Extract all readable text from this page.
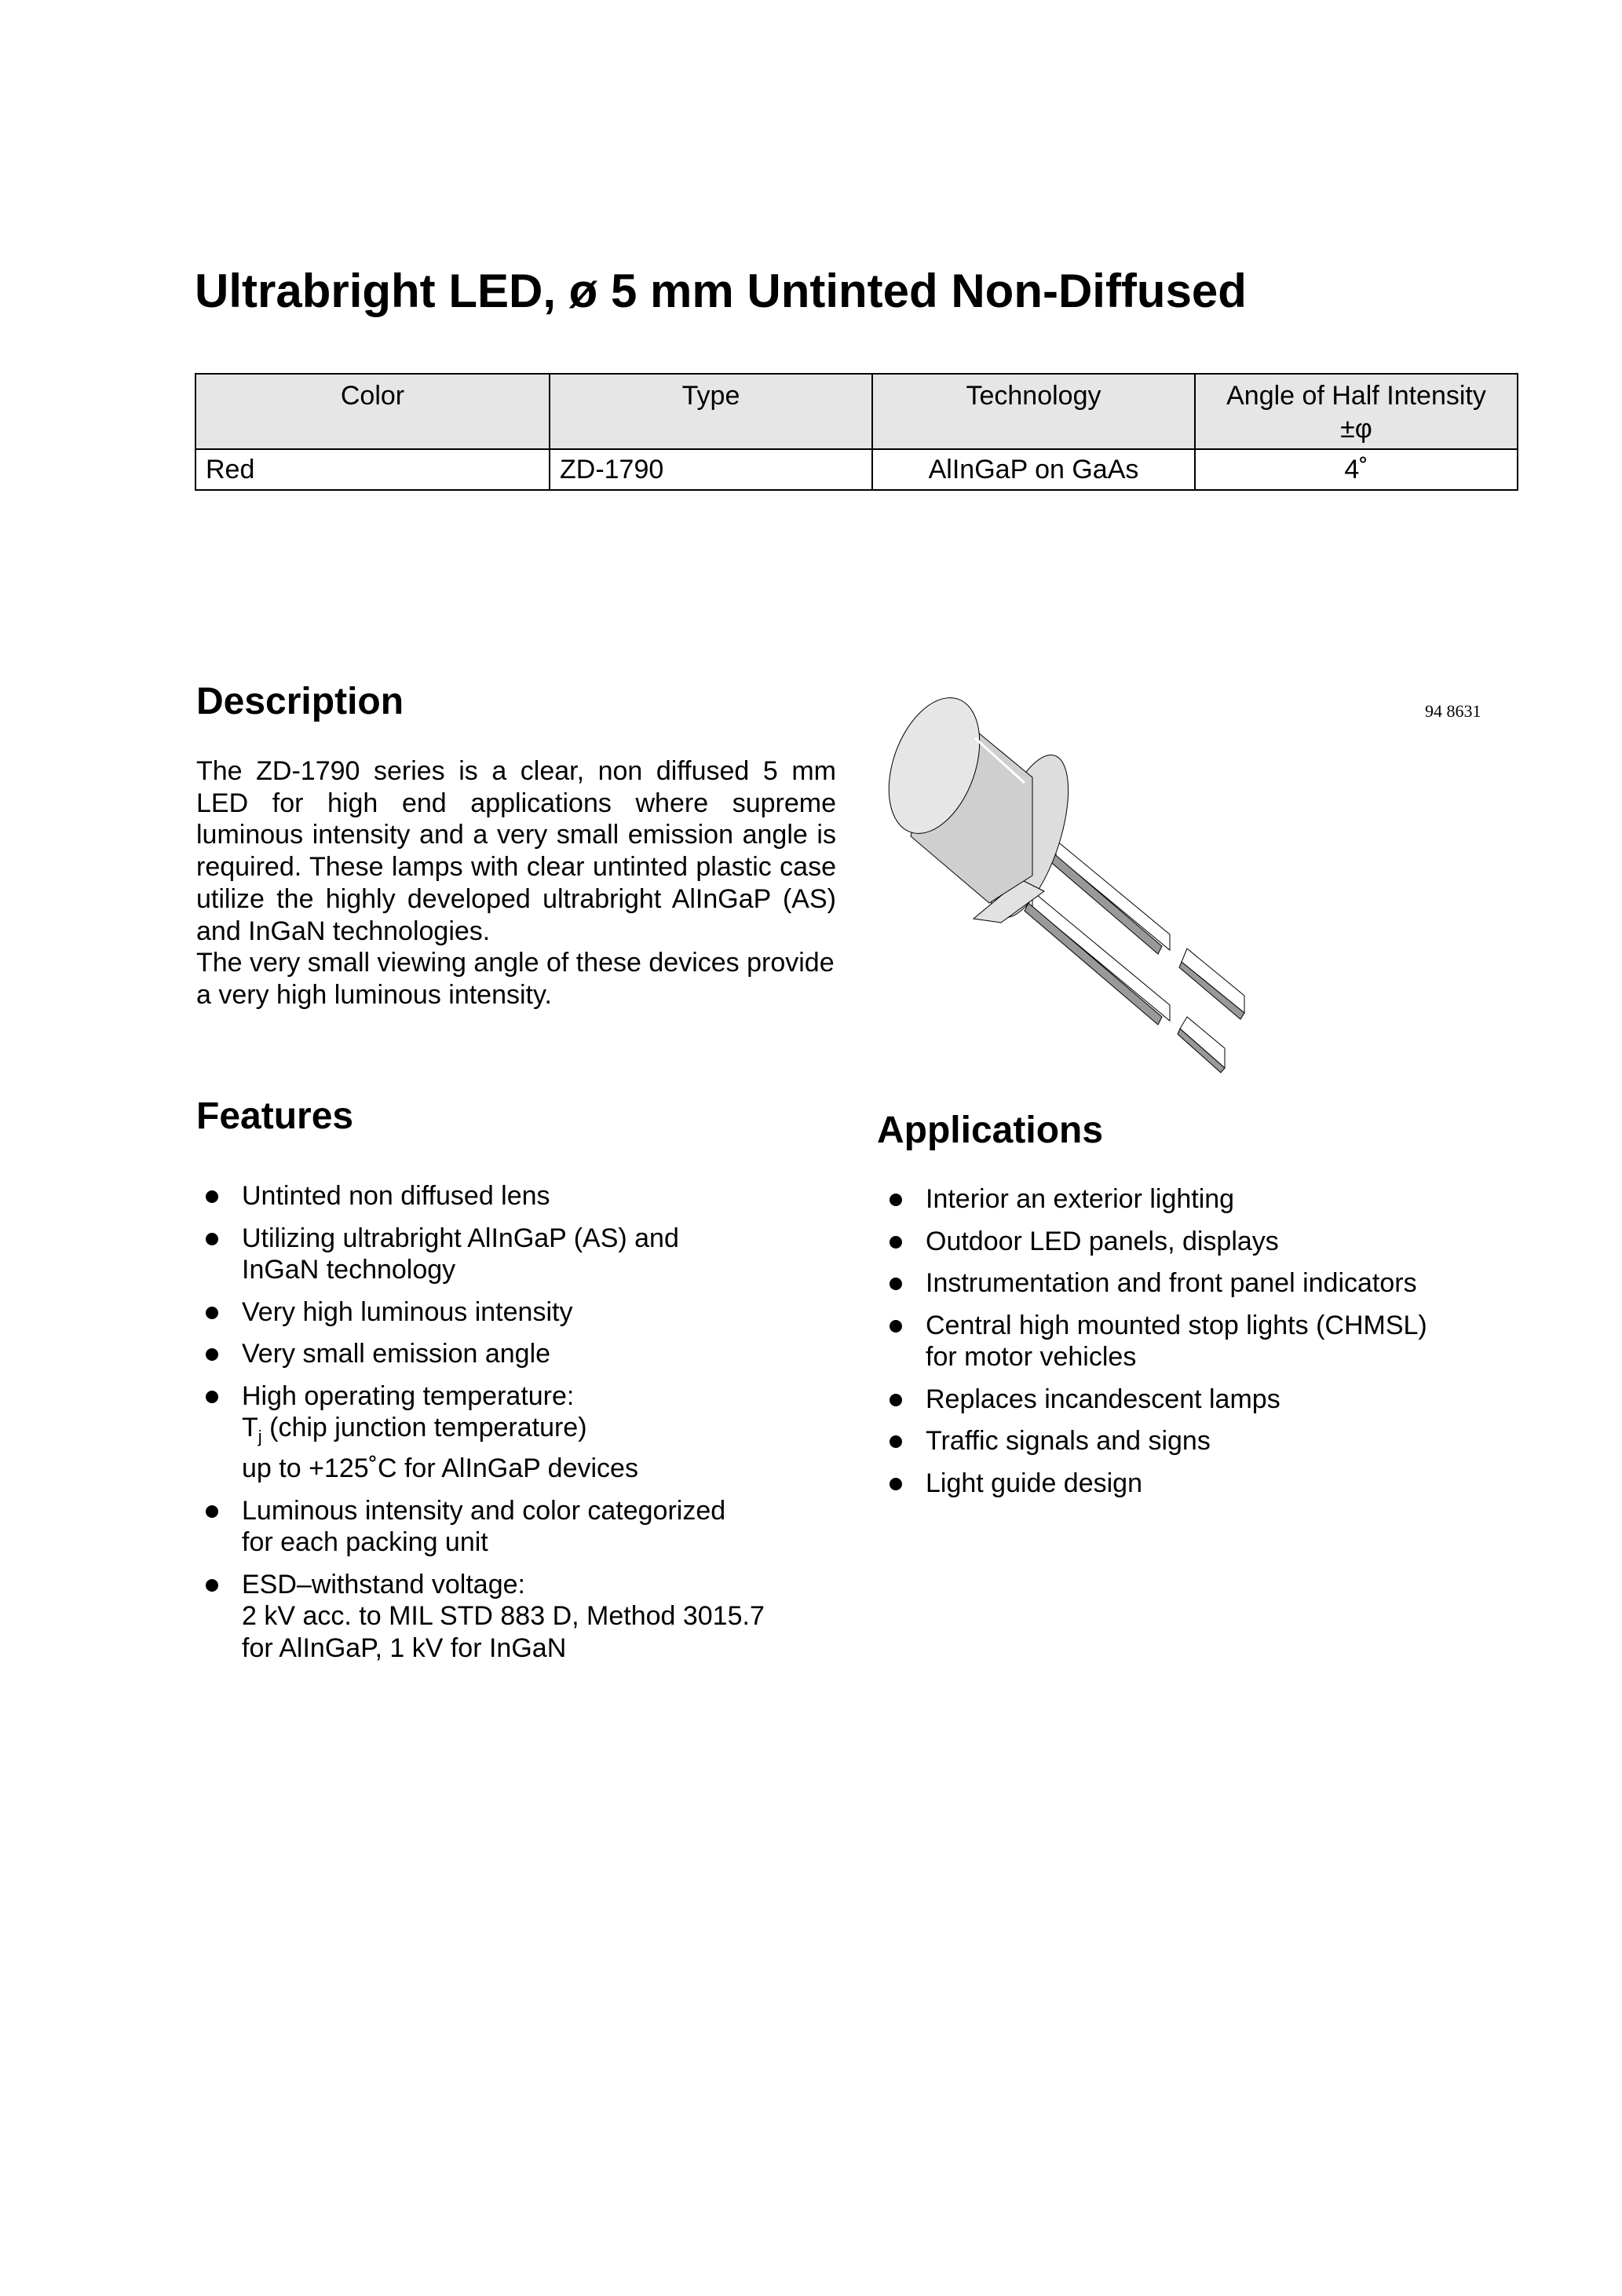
Ultrabright LED, ø 5 mm Untinted Non-Diffused
Color	Type	Technology	Angle of Half Intensity
±φ
Red	ZD-1790	AlInGaP on GaAs	4˚
Description

The ZD-1790 series is a clear, non diffused 5 mm LED for high end applications where supreme luminous intensity and a very small emission angle is required. These lamps with clear untinted plastic case utilize the highly developed ultrabright AlInGaP (AS) and InGaN technologies.

The very small viewing angle of these devices provide a very high luminous intensity.

94 8631
Features
Untinted non diffused lens
Utilizing ultrabright AlInGaP (AS) and
InGaN technology
Very high luminous intensity
Very small emission angle
High operating temperature:
$T_j$ (chip junction temperature)
up to +125˚C for AlInGaP devices
Luminous intensity and color categorized
for each packing unit
ESD–withstand voltage:
2 kV acc. to MIL STD 883 D, Method 3015.7
for AlInGaP, 1 kV for InGaN
Applications
Interior an exterior lighting
Outdoor LED panels, displays
Instrumentation and front panel indicators
Central high mounted stop lights (CHMSL)
for motor vehicles
Replaces incandescent lamps
Traffic signals and signs
Light guide design
